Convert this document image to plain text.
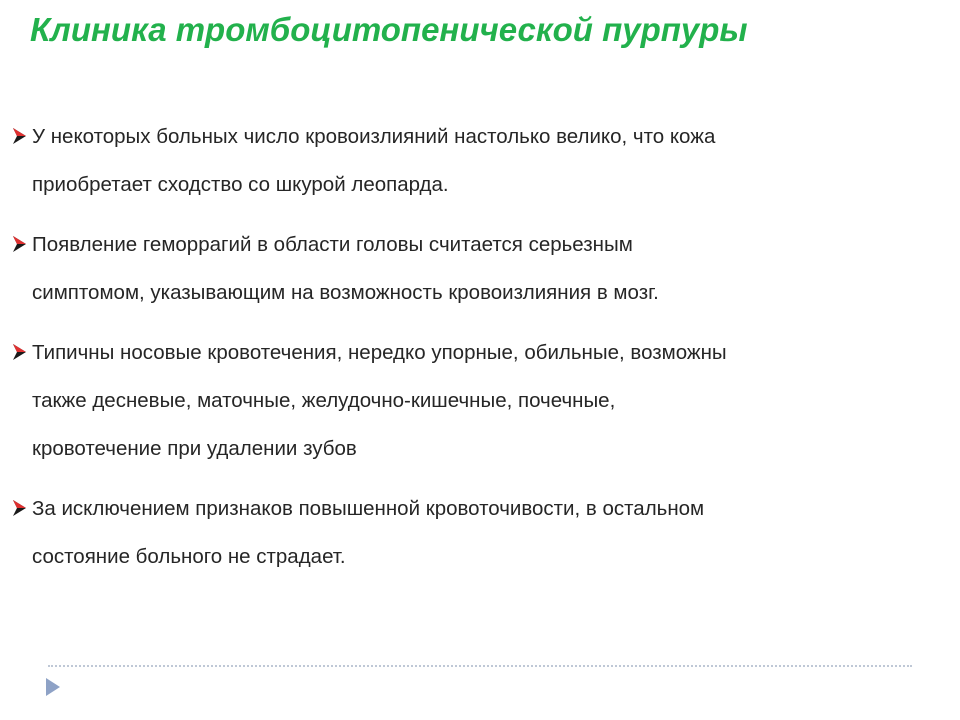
Клиника тромбоцитопенической пурпуры
У некоторых больных число кровоизлияний настолько велико, что кожа
приобретает сходство со шкурой леопарда.
Появление геморрагий в области головы считается серьезным
симптомом, указывающим на возможность кровоизлияния в мозг.
Типичны носовые кровотечения, нередко упорные, обильные, возможны
также десневые, маточные, желудочно-кишечные, почечные,
кровотечение при удалении зубов
За исключением признаков повышенной кровоточивости, в остальном
состояние больного не страдает.
